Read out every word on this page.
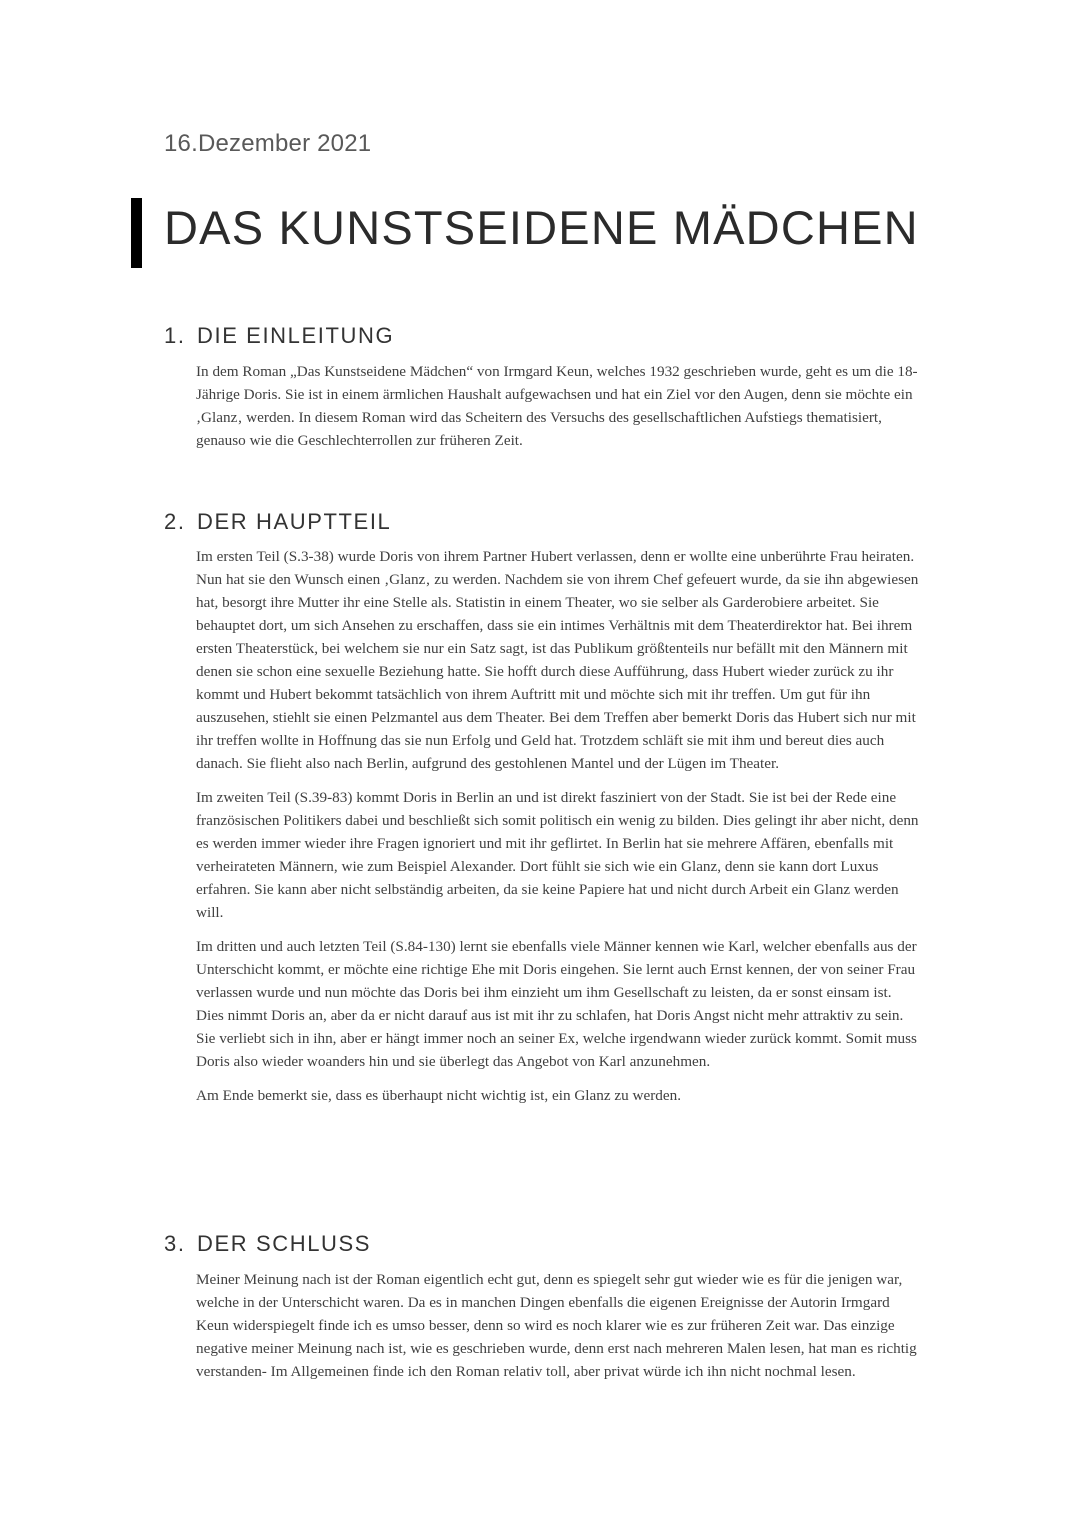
16.Dezember 2021
DAS KUNSTSEIDENE MÄDCHEN
1. DIE EINLEITUNG

In dem Roman „Das Kunstseidene Mädchen“ von Irmgard Keun, welches 1932 geschrieben wurde, geht es um die 18-Jährige Doris. Sie ist in einem ärmlichen Haushalt aufgewachsen und hat ein Ziel vor den Augen, denn sie möchte ein ‚Glanz‚ werden. In diesem Roman wird das Scheitern des Versuchs des gesellschaftlichen Aufstiegs thematisiert, genauso wie die Geschlechterrollen zur früheren Zeit.

2. DER HAUPTTEIL

Im ersten Teil (S.3-38) wurde Doris von ihrem Partner Hubert verlassen, denn er wollte eine unberührte Frau heiraten. Nun hat sie den Wunsch einen ‚Glanz‚ zu werden. Nachdem sie von ihrem Chef gefeuert wurde, da sie ihn abgewiesen hat, besorgt ihre Mutter ihr eine Stelle als. Statistin in einem Theater, wo sie selber als Garderobiere arbeitet. Sie behauptet dort, um sich Ansehen zu erschaffen, dass sie ein intimes Verhältnis mit dem Theaterdirektor hat. Bei ihrem ersten Theaterstück, bei welchem sie nur ein Satz sagt, ist das Publikum größtenteils nur befällt mit den Männern mit denen sie schon eine sexuelle Beziehung hatte. Sie hofft durch diese Aufführung, dass Hubert wieder zurück zu ihr kommt und Hubert bekommt tatsächlich von ihrem Auftritt mit und möchte sich mit ihr treffen. Um gut für ihn auszusehen, stiehlt sie einen Pelzmantel aus dem Theater. Bei dem Treffen aber bemerkt Doris das Hubert sich nur mit ihr treffen wollte in Hoffnung das sie nun Erfolg und Geld hat. Trotzdem schläft sie mit ihm und bereut dies auch danach. Sie flieht also nach Berlin, aufgrund des gestohlenen Mantel und der Lügen im Theater.

Im zweiten Teil (S.39-83) kommt Doris in Berlin an und ist direkt fasziniert von der Stadt. Sie ist bei der Rede eine französischen Politikers dabei und beschließt sich somit politisch ein wenig zu bilden. Dies gelingt ihr aber nicht, denn es werden immer wieder ihre Fragen ignoriert und mit ihr geflirtet. In Berlin hat sie mehrere Affären, ebenfalls mit verheirateten Männern, wie zum Beispiel Alexander. Dort fühlt sie sich wie ein Glanz, denn sie kann dort Luxus erfahren. Sie kann aber nicht selbständig arbeiten, da sie keine Papiere hat und nicht durch Arbeit ein Glanz werden will.

Im dritten und auch letzten Teil (S.84-130) lernt sie ebenfalls viele Männer kennen wie Karl, welcher ebenfalls aus der Unterschicht kommt, er möchte eine richtige Ehe mit Doris eingehen. Sie lernt auch Ernst kennen, der von seiner Frau verlassen wurde und nun möchte das Doris bei ihm einzieht um ihm Gesellschaft zu leisten, da er sonst einsam ist. Dies nimmt Doris an, aber da er nicht darauf aus ist mit ihr zu schlafen, hat Doris Angst nicht mehr attraktiv zu sein. Sie verliebt sich in ihn, aber er hängt immer noch an seiner Ex, welche irgendwann wieder zurück kommt. Somit muss Doris also wieder woanders hin und sie überlegt das Angebot von Karl anzunehmen.

Am Ende bemerkt sie, dass es überhaupt nicht wichtig ist, ein Glanz zu werden.

3. DER SCHLUSS

Meiner Meinung nach ist der Roman eigentlich echt gut, denn es spiegelt sehr gut wieder wie es für die jenigen war, welche in der Unterschicht waren. Da es in manchen Dingen ebenfalls die eigenen Ereignisse der Autorin Irmgard Keun widerspiegelt finde ich es umso besser, denn so wird es noch klarer wie es zur früheren Zeit war. Das einzige negative meiner Meinung nach ist, wie es geschrieben wurde, denn erst nach mehreren Malen lesen, hat man es richtig verstanden- Im Allgemeinen finde ich den Roman relativ toll, aber privat würde ich ihn nicht nochmal lesen.
